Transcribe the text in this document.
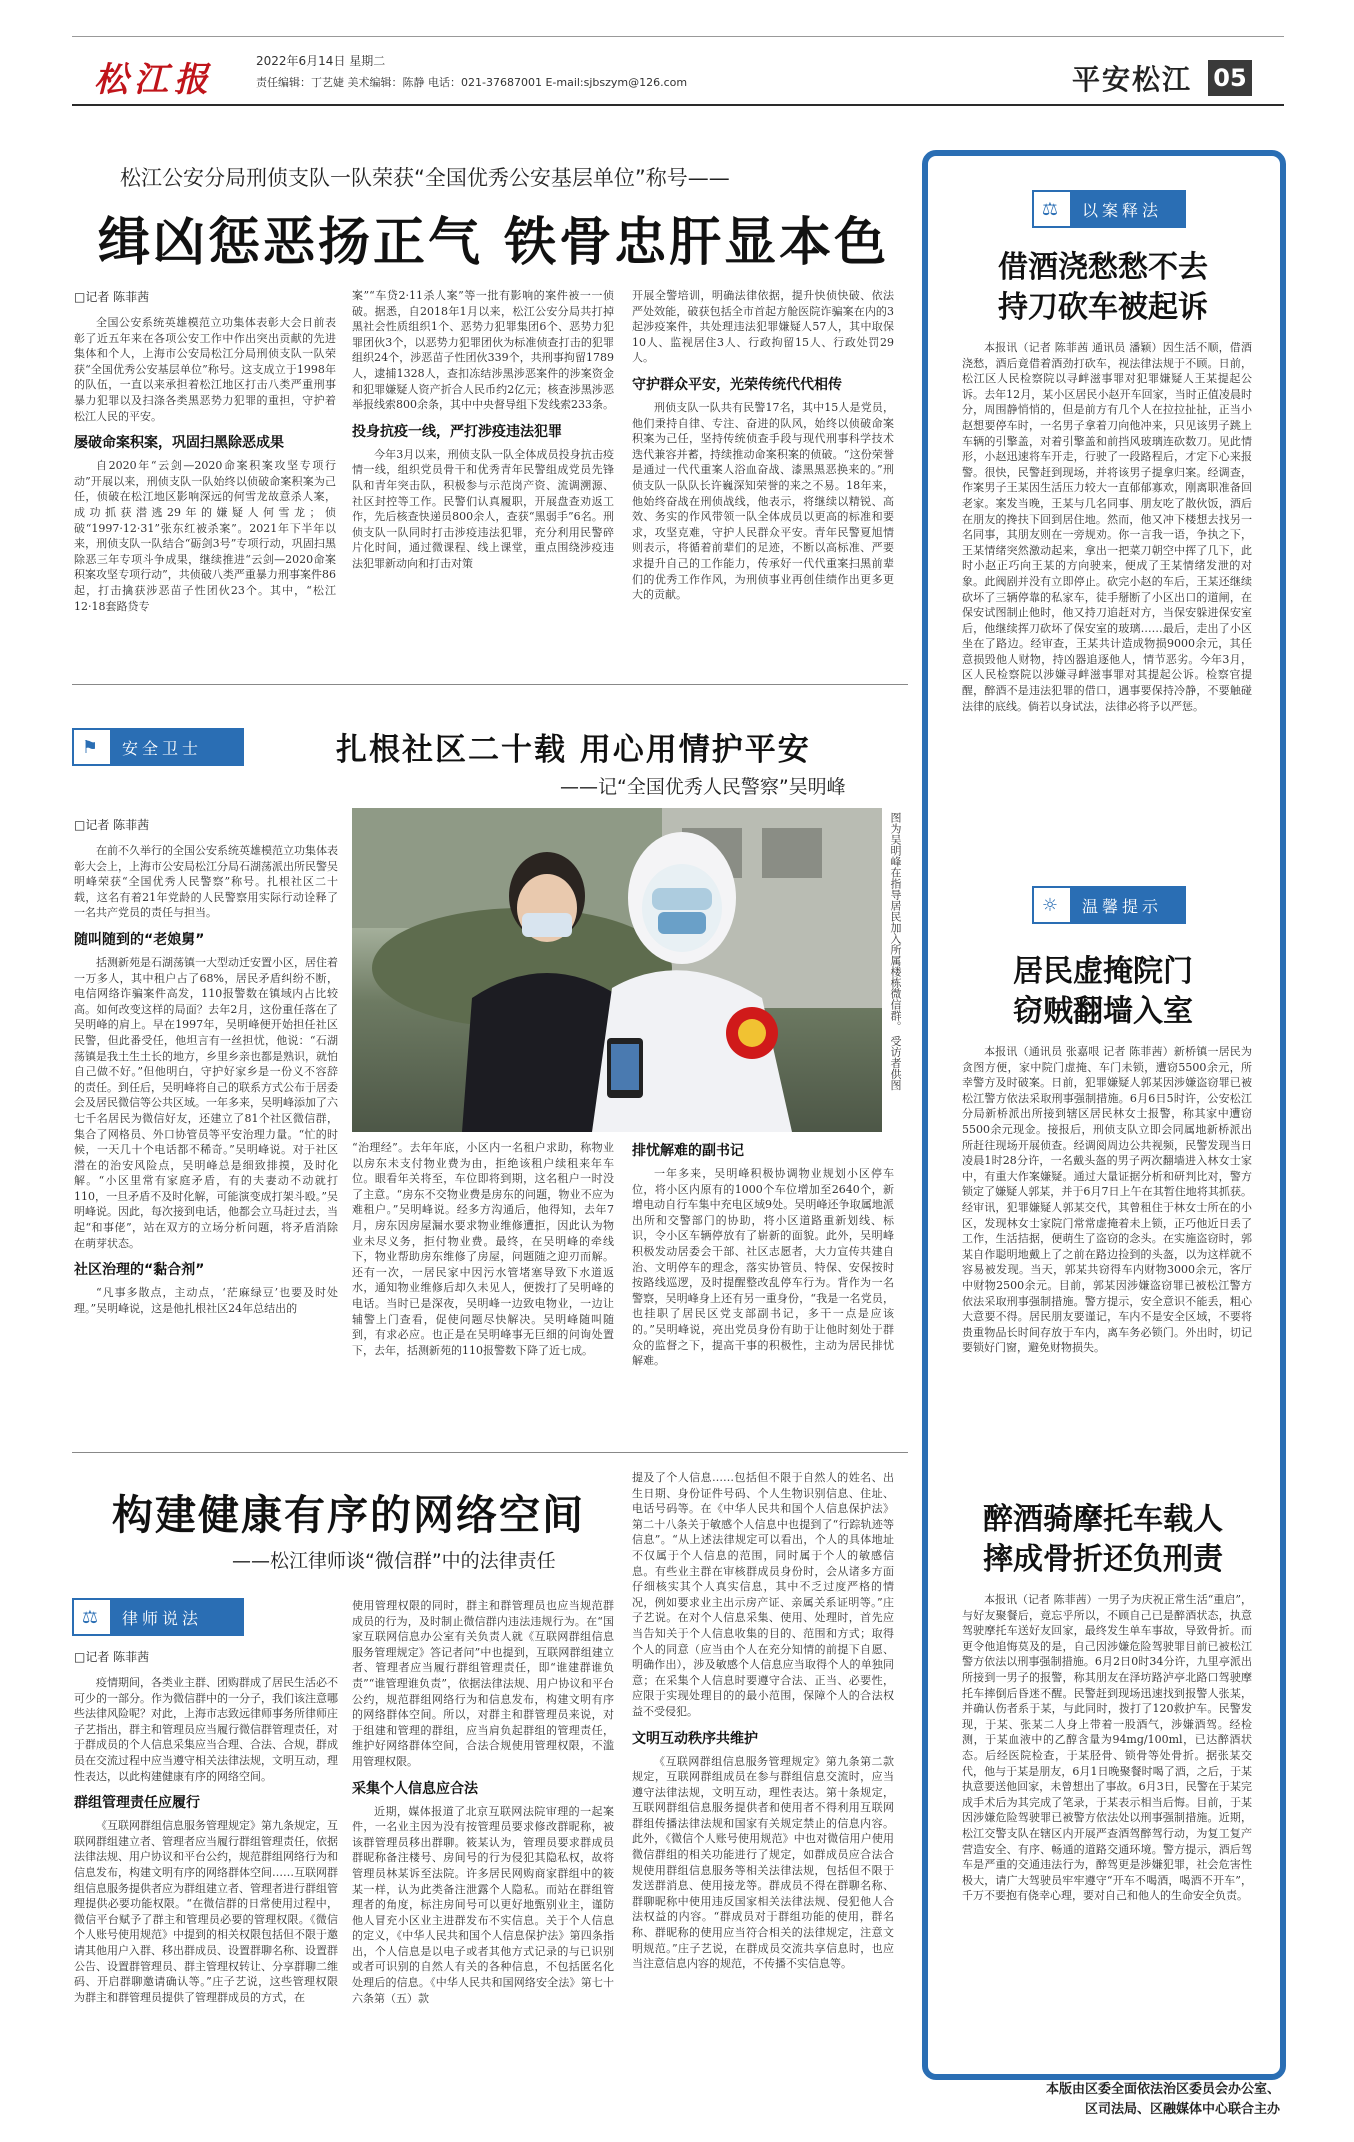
松江报	2022年6月14日 星期二
责任编辑：丁艺婕 美术编辑：陈静 电话：021-37687001 E-mail:sjbszym@126.com	平安松江 05
松江公安分局刑侦支队一队荣获“全国优秀公安基层单位”称号——
缉凶惩恶扬正气 铁骨忠肝显本色
□记者 陈菲茜

全国公安系统英雄模范立功集体表彰大会日前表彰了近五年来在各项公安工作中作出突出贡献的先进集体和个人，上海市公安局松江分局刑侦支队一队荣获“全国优秀公安基层单位”称号。这支成立于1998年的队伍，一直以来承担着松江地区打击八类严重刑事暴力犯罪以及扫涤各类黑恶势力犯罪的重担，守护着松江人民的平安。

屡破命案积案，巩固扫黑除恶成果

自2020年“云剑—2020命案积案攻坚专项行动”开展以来，刑侦支队一队始终以侦破命案积案为己任，侦破在松江地区影响深远的何雪龙故意杀人案，成功抓获潜逃29年的嫌疑人何雪龙；侦破“1997·12·31”张东红被杀案”。2021年下半年以来，刑侦支队一队结合“砺剑3号”专项行动，巩固扫黑除恶三年专项斗争成果，继续推进“云剑—2020命案积案攻坚专项行动”，共侦破八类严重暴力刑事案件86起，打击擒获涉恶苗子性团伙23个。其中，“松江12·18套路贷专

案”“车贷2·11杀人案”等一批有影响的案件被一一侦破。据悉，自2018年1月以来，松江公安分局共打掉黑社会性质组织1个、恶势力犯罪集团6个、恶势力犯罪团伙3个，以恶势力犯罪团伙为标准侦查打击的犯罪组织24个，涉恶苗子性团伙339个，共刑事拘留1789人，逮捕1328人，查扣冻结涉黑涉恶案件的涉案资金和犯罪嫌疑人资产折合人民币约2亿元；核查涉黑涉恶举报线索800余条，其中中央督导组下发线索233条。

投身抗疫一线，严打涉疫违法犯罪

今年3月以来，刑侦支队一队全体成员投身抗击疫情一线，组织党员骨干和优秀青年民警组成党员先锋队和青年突击队，积极参与示范岗产资、流调溯源、社区封控等工作。民警们认真履职，开展盘查劝返工作，先后核查快递员800余人，查获“黑弱手”6名。刑侦支队一队同时打击涉疫违法犯罪，充分利用民警碎片化时间，通过微课程、线上课堂，重点围绕涉疫违法犯罪新动向和打击对策

开展全警培训，明确法律依据，提升快侦快破、依法严处效能，破获包括全市首起方舱医院诈骗案在内的3起涉疫案件，共处理违法犯罪嫌疑人57人，其中取保10人、监视居住3人、行政拘留15人、行政处罚29人。

守护群众平安，光荣传统代代相传

刑侦支队一队共有民警17名，其中15人是党员，他们秉持自律、专注、奋进的队风，始终以侦破命案积案为己任，坚持传统侦查手段与现代刑事科学技术迭代兼容并蓄，持续推动命案积案的侦破。“这份荣誉是通过一代代重案人浴血奋战、漆黑黑恶换来的。”刑侦支队一队队长许巍深知荣誉的来之不易。18年来，他始终奋战在刑侦战线，他表示，将继续以精锐、高效、务实的作风带领一队全体成员以更高的标准和要求，攻坚克难，守护人民群众平安。青年民警夏旭情则表示，将循着前辈们的足迹，不断以高标准、严要求提升自己的工作能力，传承好一代代重案扫黑前辈们的优秀工作作风，为刑侦事业再创佳绩作出更多更大的贡献。

⚑	安全卫士	扎根社区二十载 用心用情护平安
——记“全国优秀人民警察”吴明峰
□记者 陈菲茜

在前不久举行的全国公安系统英雄模范立功集体表彰大会上，上海市公安局松江分局石湖荡派出所民警吴明峰荣获“全国优秀人民警察”称号。扎根社区二十载，这名有着21年党龄的人民警察用实际行动诠释了一名共产党员的责任与担当。

随叫随到的“老娘舅”

括测新苑是石湖荡镇一大型动迁安置小区，居住着一万多人，其中租户占了68%，居民矛盾纠纷不断，电信网络诈骗案件高发，110报警数在镇域内占比较高。如何改变这样的局面？去年2月，这份重任落在了吴明峰的肩上。早在1997年，吴明峰便开始担任社区民警，但此番受任，他坦言有一丝担忧，他说：“石湖荡镇是我土生土长的地方，乡里乡亲也都是熟识，就怕自己做不好。”但他明白，守护好家乡是一份义不容辞的责任。到任后，吴明峰将自己的联系方式公布于居委会及居民微信等公共区域。一年多来，吴明峰添加了六七千名居民为微信好友，还建立了81个社区微信群，集合了网格员、外口协管员等平安治理力量。“忙的时候，一天几十个电话都不稀奇。”吴明峰说。对于社区潜在的治安风险点，吴明峰总是细致排摸，及时化解。“小区里常有家庭矛盾，有的夫妻动不动就打110，一旦矛盾不及时化解，可能演变成打架斗殴。”吴明峰说。因此，每次接到电话，他都会立马赶过去，当起“和事佬”，站在双方的立场分析问题，将矛盾消除在萌芽状态。

社区治理的“黏合剂”

“凡事多散点，主动点，‘茫麻绿豆’也要及时处理。”吴明峰说，这是他扎根社区24年总结出的

图为吴明峰在指导居民加入所属楼栋微信群。 受访者供图

“治理经”。去年年底，小区内一名租户求助，称物业以房东未支付物业费为由，拒绝该租户续租来年车位。眼看年关将至，车位即将到期，这名租户一时没了主意。“房东不交物业费是房东的问题，物业不应为难租户。”吴明峰说。经多方沟通后，他得知，去年7月，房东因房屋漏水要求物业维修遭拒，因此认为物业未尽义务，拒付物业费。最终，在吴明峰的牵线下，物业帮助房东维修了房屋，问题随之迎刃而解。还有一次，一居民家中因污水管堵塞导致下水道返水，通知物业维修后却久未见人，便拨打了吴明峰的电话。当时已是深夜，吴明峰一边致电物业，一边让辅警上门查看，促使问题尽快解决。吴明峰随叫随到，有求必应。也正是在吴明峰事无巨细的问询处置下，去年，括测新苑的110报警数下降了近七成。

排忧解难的副书记

一年多来，吴明峰积极协调物业规划小区停车位，将小区内原有的1000个车位增加至2640个，新增电动自行车集中充电区域9处。吴明峰还争取属地派出所和交警部门的协助，将小区道路重新划线、标识，令小区车辆停放有了崭新的面貌。此外，吴明峰积极发动居委会干部、社区志愿者，大力宣传共建自治、文明停车的理念，落实协管员、特保、安保按时按路线巡逻，及时提醒整改乱停车行为。背作为一名警察，吴明峰身上还有另一重身份，“我是一名党员，也挂职了居民区党支部副书记，多干一点是应该的。”吴明峰说，亮出党员身份有助于让他时刻处于群众的监督之下，提高干事的积极性，主动为居民排忧解难。

构建健康有序的网络空间
——松江律师谈“微信群”中的法律责任
⚖	律师说法
□记者 陈菲茜

疫情期间，各类业主群、团购群成了居民生活必不可少的一部分。作为微信群中的一分子，我们该注意哪些法律风险呢？对此，上海市志致远律师事务所律师庄子艺指出，群主和管理员应当履行微信群管理责任，对于群成员的个人信息采集应当合理、合法、合规，群成员在交流过程中应当遵守相关法律法规，文明互动，理性表达，以此构建健康有序的网络空间。

群组管理责任应履行

《互联网群组信息服务管理规定》第九条规定，互联网群组建立者、管理者应当履行群组管理责任，依据法律法规、用户协议和平台公约，规范群组网络行为和信息发布，构建文明有序的网络群体空间……互联网群组信息服务提供者应为群组建立者、管理者进行群组管理提供必要功能权限。“在微信群的日常使用过程中，微信平台赋予了群主和管理员必要的管理权限。《微信个人账号使用规范》中提到的相关权限包括但不限于邀请其他用户入群、移出群成员、设置群聊名称、设置群公告、设置群管理员、群主管理权转让、分享群聊二维码、开启群聊邀请确认等。”庄子艺说，这些管理权限为群主和群管理员提供了管理群成员的方式，在

使用管理权限的同时，群主和群管理员也应当规范群成员的行为，及时制止微信群内违法违规行为。在“国家互联网信息办公室有关负责人就《互联网群组信息服务管理规定》答记者问”中也提到，互联网群组建立者、管理者应当履行群组管理责任，即“谁建群谁负责”“谁管理谁负责”，依据法律法规、用户协议和平台公约，规范群组网络行为和信息发布，构建文明有序的网络群体空间。所以，对群主和群管理员来说，对于组建和管理的群组，应当肩负起群组的管理责任，维护好网络群体空间，合法合规使用管理权限，不滥用管理权限。

采集个人信息应合法

近期，媒体报道了北京互联网法院审理的一起案件，一名业主因为没有按管理员要求修改群昵称，被该群管理员移出群聊。筱某认为，管理员要求群成员群昵称备注楼号、房间号的行为侵犯其隐私权，故将管理员林某诉至法院。许多居民网购商家群组中的筱某一样，认为此类备注泄露个人隐私。而站在群组管理者的角度，标注房间号可以更好地甄别业主，谨防他人冒充小区业主进群发布不实信息。关于个人信息的定义，《中华人民共和国个人信息保护法》第四条指出，个人信息是以电子或者其他方式记录的与已识别或者可识别的自然人有关的各种信息，不包括匿名化处理后的信息。《中华人民共和国网络安全法》第七十六条第（五）款

提及了个人信息……包括但不限于自然人的姓名、出生日期、身份证件号码、个人生物识别信息、住址、电话号码等。在《中华人民共和国个人信息保护法》第二十八条关于敏感个人信息中也提到了“行踪轨迹等信息”。“从上述法律规定可以看出，个人的具体地址不仅属于个人信息的范围，同时属于个人的敏感信息。有些业主群在审核群成员身份时，会从诸多方面仔细核实其个人真实信息，其中不乏过度严格的情况，例如要求业主出示房产证、亲属关系证明等。”庄子艺说。在对个人信息采集、使用、处理时，首先应当告知关于个人信息收集的目的、范围和方式；取得个人的同意（应当由个人在充分知情的前提下自愿、明确作出），涉及敏感个人信息应当取得个人的单独同意；在采集个人信息时要遵守合法、正当、必要性，应限于实现处理目的的最小范围，保障个人的合法权益不受侵犯。

文明互动秩序共维护

《互联网群组信息服务管理规定》第九条第二款规定，互联网群组成员在参与群组信息交流时，应当遵守法律法规，文明互动，理性表达。第十条规定，互联网群组信息服务提供者和使用者不得利用互联网群组传播法律法规和国家有关规定禁止的信息内容。此外，《微信个人账号使用规范》中也对微信用户使用微信群组的相关功能进行了规定，如群成员应合法合规使用群组信息服务等相关法律法规，包括但不限于发送群消息、使用接龙等。群成员不得在群聊名称、群聊昵称中使用违反国家相关法律法规、侵犯他人合法权益的内容。“群成员对于群组功能的使用，群名称、群昵称的使用应当符合相关的法律规定，注意文明规范。”庄子艺说，在群成员交流共享信息时，也应当注意信息内容的规范，不传播不实信息等。

⚖	以案释法
借酒浇愁愁不去
持刀砍车被起诉

本报讯（记者 陈菲茜 通讯员 潘颖）因生活不顺，借酒浇愁，酒后竟借着酒劲打砍车，视法律法规于不顾。日前，松江区人民检察院以寻衅滋事罪对犯罪嫌疑人王某提起公诉。去年12月，某小区居民小赵开车回家，当时正值凌晨时分，周围静悄悄的，但是前方有几个人在拉拉扯扯，正当小赵想要停车时，一名男子拿着刀向他冲来，只见该男子跳上车辆的引擎盖，对着引擎盖和前挡风玻璃连砍数刀。见此情形，小赵迅速将车开走，行驶了一段路程后，才定下心来报警。很快，民警赶到现场，并将该男子提拿归案。经调查，作案男子王某因生活压力较大一直郁郁寡欢，刚离职准备回老家。案发当晚，王某与几名同事、朋友吃了散伙饭，酒后在朋友的搀扶下回到居住地。然而，他又冲下楼想去找另一名同事，其朋友则在一旁规劝。你一言我一语，争执之下，王某情绪突然激动起来，拿出一把菜刀朝空中挥了几下，此时小赵正巧向王某的方向驶来，便成了王某情绪发泄的对象。此阀剧并没有立即停止。砍完小赵的车后，王某还继续砍坏了三辆停靠的私家车，徒手掰断了小区出口的道闸，在保安试图制止他时，他又持刀追赶对方，当保安躲进保安室后，他继续挥刀砍坏了保安室的玻璃……最后，走出了小区坐在了路边。经审查，王某共计造成物损9000余元，其任意损毁他人财物，持凶器追逐他人，情节恶劣。今年3月，区人民检察院以涉嫌寻衅滋事罪对其提起公诉。检察官提醒，醉酒不是违法犯罪的借口，遇事要保持冷静，不要触碰法律的底线。倘若以身试法，法律必将予以严惩。

☼	温馨提示
居民虚掩院门
窃贼翻墙入室

本报讯（通讯员 张嘉哏 记者 陈菲茜）新桥镇一居民为贪图方便，家中院门虚掩、车门未锁，遭窃5500余元，所幸警方及时破案。日前，犯罪嫌疑人郭某因涉嫌盗窃罪已被松江警方依法采取刑事强制措施。6月6日5时许，公安松江分局新桥派出所接到辖区居民林女士报警，称其家中遭窃5500余元现金。接报后，刑侦支队立即会同属地新桥派出所赶往现场开展侦查。经调阅周边公共视频，民警发现当日凌晨1时28分许，一名戴头盔的男子两次翻墙进入林女士家中，有重大作案嫌疑。通过大量证据分析和研判比对，警方锁定了嫌疑人郭某，并于6月7日上午在其暂住地将其抓获。经审讯，犯罪嫌疑人郭某交代，其曾租住于林女士所在的小区，发现林女士家院门常常虚掩着未上锁，正巧他近日丢了工作，生活拮据，便萌生了盗窃的念头。在实施盗窃时，郭某自作聪明地戴上了之前在路边捡到的头盔，以为这样就不容易被发现。当天，郭某共窃得车内财物3000余元，客厅中财物2500余元。目前，郭某因涉嫌盗窃罪已被松江警方依法采取刑事强制措施。警方提示，安全意识不能丢，粗心大意要不得。居民朋友要谨记，车内不是安全区域，不要将贵重物品长时间存放于车内，离车务必锁门。外出时，切记要锁好门窗，避免财物损失。

醉酒骑摩托车载人
摔成骨折还负刑责

本报讯（记者 陈菲茜）一男子为庆祝正常生活“重启”，与好友聚餐后，竟忘乎所以，不顾自己已是醉酒状态，执意驾驶摩托车送好友回家，最终发生单车事故，导致骨折。而更令他追悔莫及的是，自己因涉嫌危险驾驶罪目前已被松江警方依法以刑事强制措施。6月2日0时34分许，九里亭派出所接到一男子的报警，称其朋友在泽坊路泸亭北路口驾驶摩托车摔倒后昏迷不醒。民警赶到现场迅速找到报警人张某，并确认伤者系于某，与此同时，拨打了120救护车。民警发现，于某、张某二人身上带着一股酒气，涉嫌酒驾。经检测，于某血液中的乙醇含量为94mg/100ml，已达醉酒状态。后经医院检查，于某胫骨、锁骨等处骨折。据张某交代，他与于某是朋友，6月1日晚聚餐时喝了酒，之后，于某执意要送他回家，未曾想出了事故。6月3日，民警在于某完成手术后为其完成了笔录，于某表示相当后悔。目前，于某因涉嫌危险驾驶罪已被警方依法处以刑事强制措施。近期，松江交警支队在辖区内开展严查酒驾醉驾行动，为复工复产营造安全、有序、畅通的道路交通环境。警方提示，酒后驾车是严重的交通违法行为，醉驾更是涉嫌犯罪，社会危害性极大，请广大驾驶员牢牢遵守“开车不喝酒，喝酒不开车”，千万不要抱有侥幸心理，要对自己和他人的生命安全负责。

本版由区委全面依法治区委员会办公室、
区司法局、区融媒体中心联合主办
